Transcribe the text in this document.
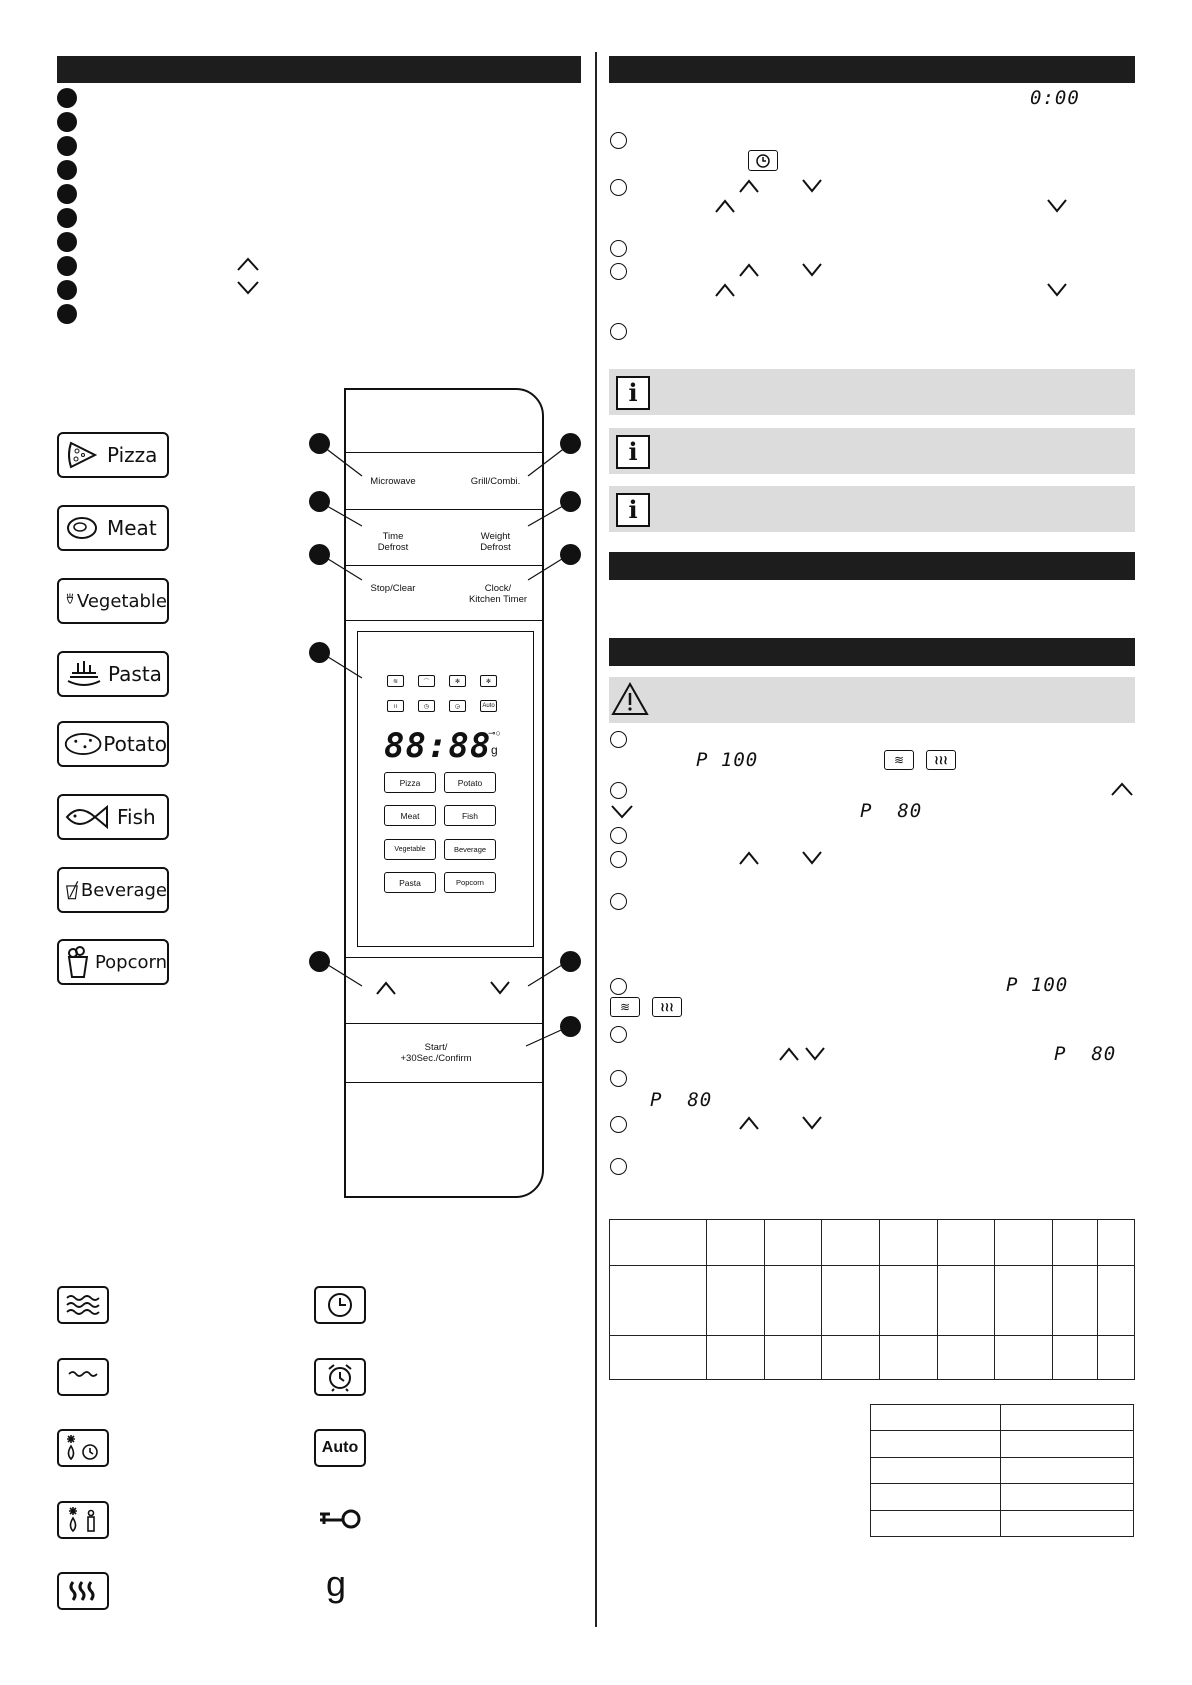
Pizza
Meat
Vegetable
Pasta
Potato
Fish
Beverage
Popcorn
Microwave	Grill/Combi.
Time
Defrost
Weight
Defrost
Stop/Clear	Clock/
Kitchen Timer
≋	⌒	✻	✻
≀≀	◷	◶	Auto
88:88
⊸○
g
Pizza	Potato
Meat	Fish
Vegetable	Beverage
Pasta	Popcorn
Start/
+30Sec./Confirm
Auto
g
0:00
i
i
i
P 100	≋	≀≀≀
P  80
P 100
≋	≀≀≀
P  80
P  80
